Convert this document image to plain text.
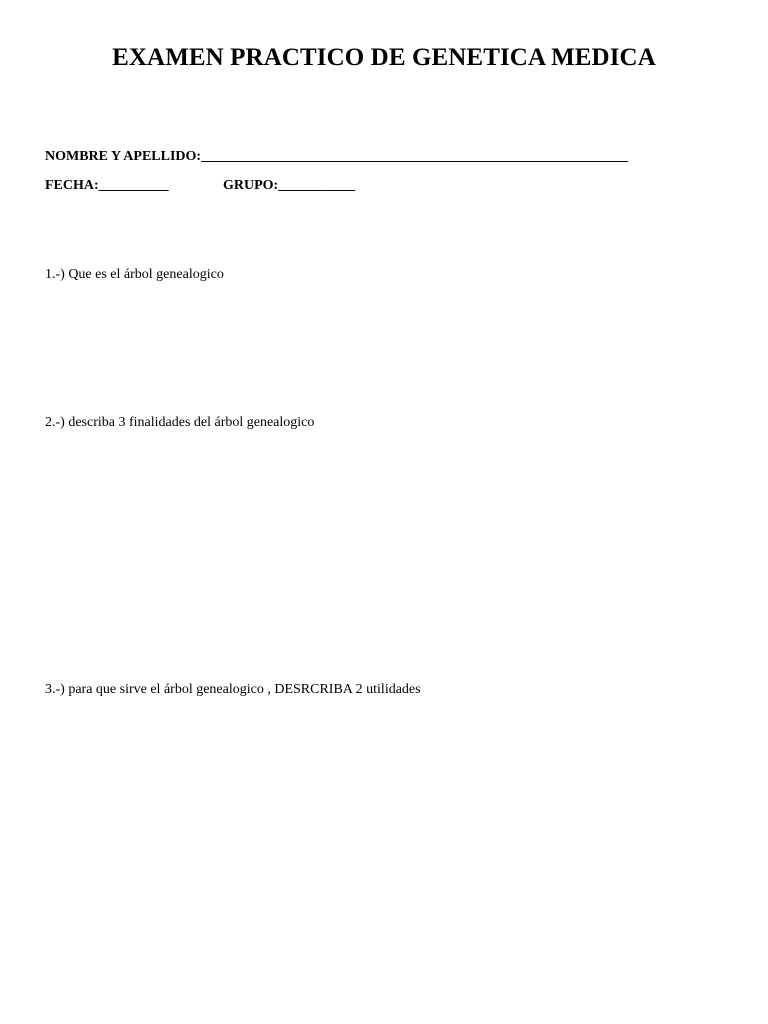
EXAMEN PRACTICO DE GENETICA MEDICA
NOMBRE Y APELLIDO:_____________________________________________________________
FECHA:__________	GRUPO:___________
1.-) Que es el árbol genealogico
2.-) describa 3 finalidades del árbol genealogico
3.-) para que sirve el árbol genealogico , DESRCRIBA 2 utilidades
